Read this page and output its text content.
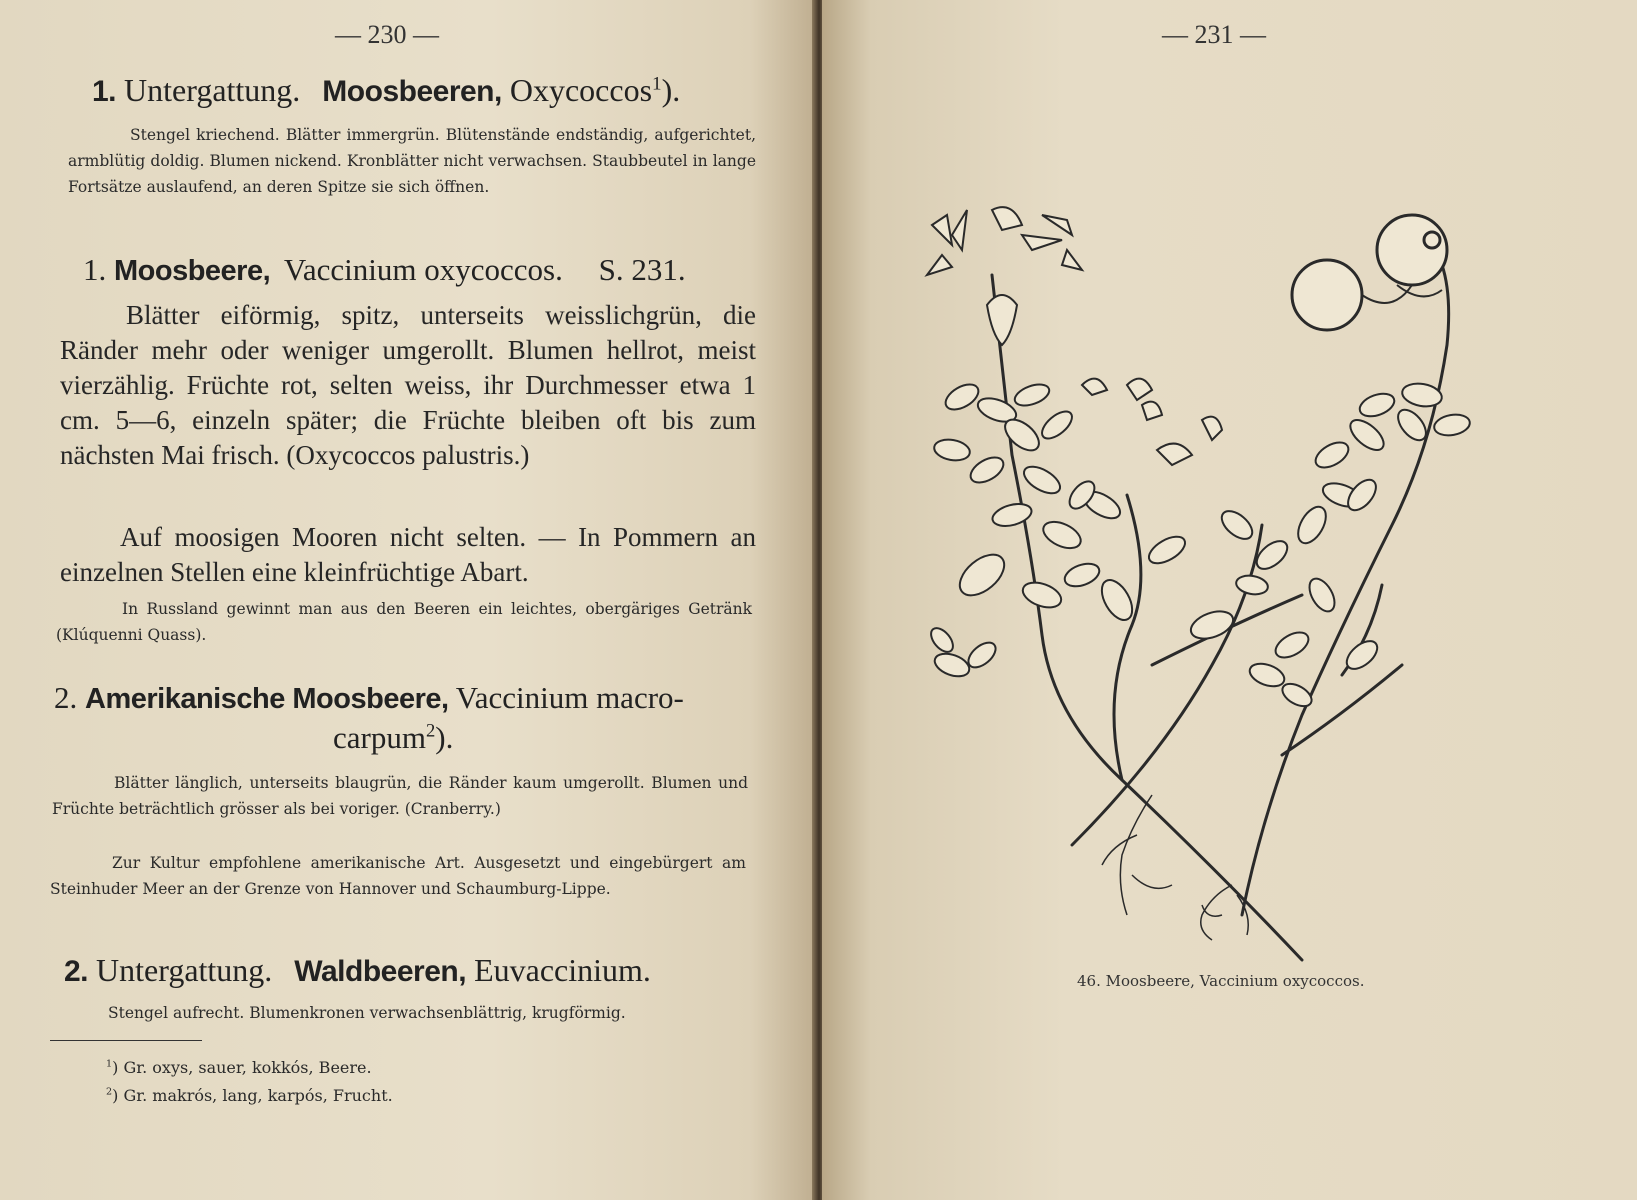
— 230 —
1. Untergattung. Moosbeeren, Oxycoccos$^1$).

Stengel kriechend. Blätter immergrün. Blütenstände endständig, aufgerichtet, armblütig doldig. Blumen nickend. Kronblätter nicht verwachsen. Staubbeutel in lange Fortsätze auslaufend, an deren Spitze sie sich öffnen.

1. Moosbeere, Vaccinium oxycoccos. S. 231.

Blätter eiförmig, spitz, unterseits weisslichgrün, die Ränder mehr oder weniger umgerollt. Blumen hellrot, meist vierzählig. Früchte rot, selten weiss, ihr Durchmesser etwa 1 cm. 5—6, einzeln später; die Früchte bleiben oft bis zum nächsten Mai frisch. (Oxycoccos palustris.)

Auf moosigen Mooren nicht selten. — In Pommern an einzelnen Stellen eine kleinfrüchtige Abart.

In Russland gewinnt man aus den Beeren ein leichtes, obergäriges Getränk (Klúquenni Quass).

2. Amerikanische Moosbeere, Vaccinium macro-
carpum$^2$).

Blätter länglich, unterseits blaugrün, die Ränder kaum umgerollt. Blumen und Früchte beträchtlich grösser als bei voriger. (Cranberry.)

Zur Kultur empfohlene amerikanische Art. Ausgesetzt und eingebürgert am Steinhuder Meer an der Grenze von Hannover und Schaumburg-Lippe.

2. Untergattung. Waldbeeren, Euvaccinium.

Stengel aufrecht. Blumenkronen verwachsenblättrig, krugförmig.

$^1$) Gr. oxys, sauer, kokkós, Beere.
$^2$) Gr. makrós, lang, karpós, Frucht.
— 231 —
46. Moosbeere, Vaccinium oxycoccos.
